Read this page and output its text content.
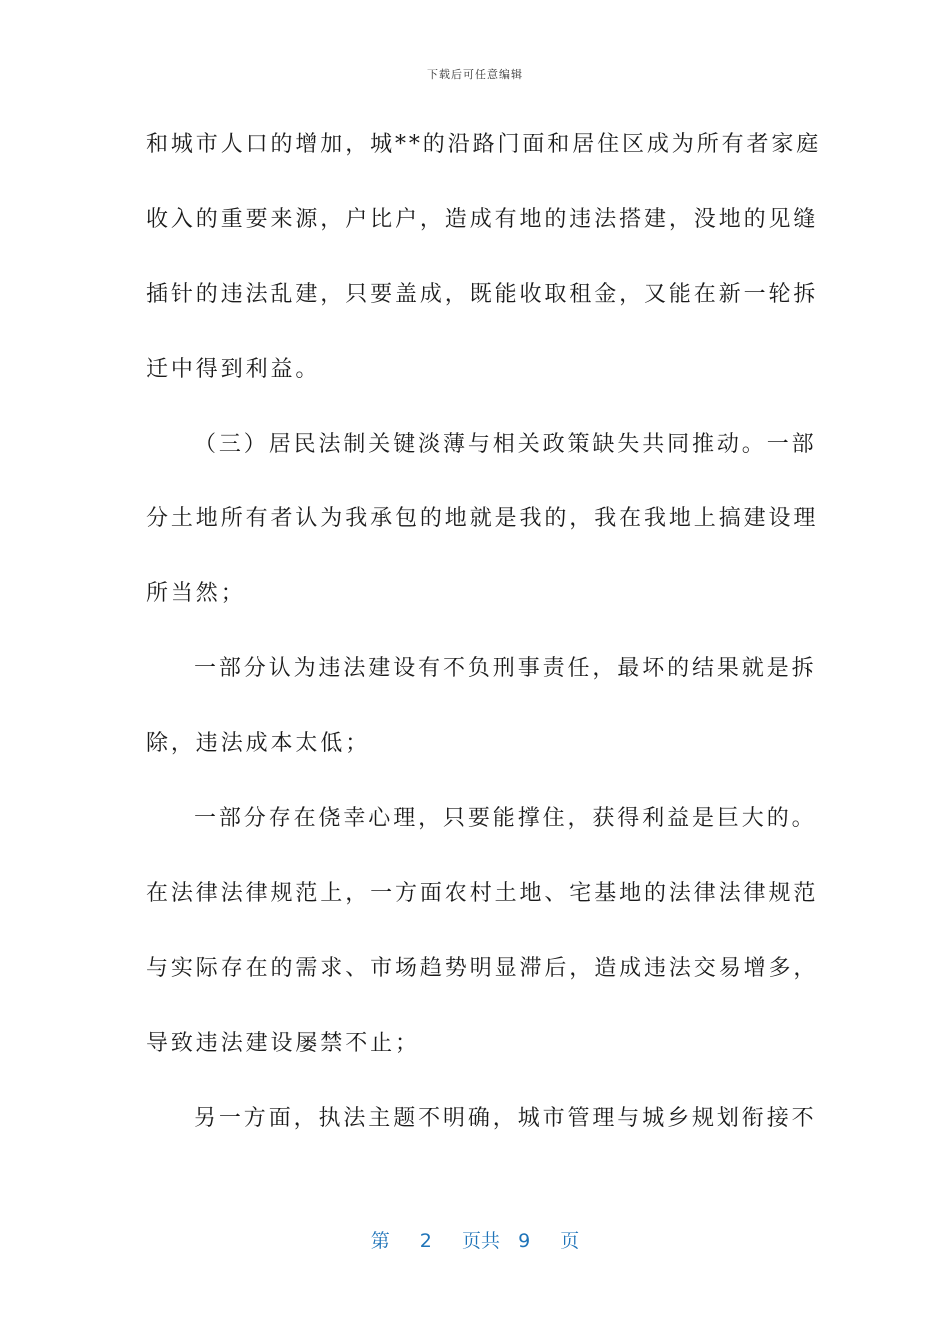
下载后可任意编辑
和城市人口的增加，城**的沿路门面和居住区成为所有者家庭
收入的重要来源，户比户，造成有地的违法搭建，没地的见缝
插针的违法乱建，只要盖成，既能收取租金，又能在新一轮拆
迁中得到利益。
（三）居民法制关键淡薄与相关政策缺失共同推动。一部
分土地所有者认为我承包的地就是我的，我在我地上搞建设理
所当然；
一部分认为违法建设有不负刑事责任，最坏的结果就是拆
除，违法成本太低；
一部分存在侥幸心理，只要能撑住，获得利益是巨大的。
在法律法律规范上，一方面农村土地、宅基地的法律法律规范
与实际存在的需求、市场趋势明显滞后，造成违法交易增多，
导致违法建设屡禁不止；
另一方面，执法主题不明确，城市管理与城乡规划衔接不
第 2 页共 9 页
